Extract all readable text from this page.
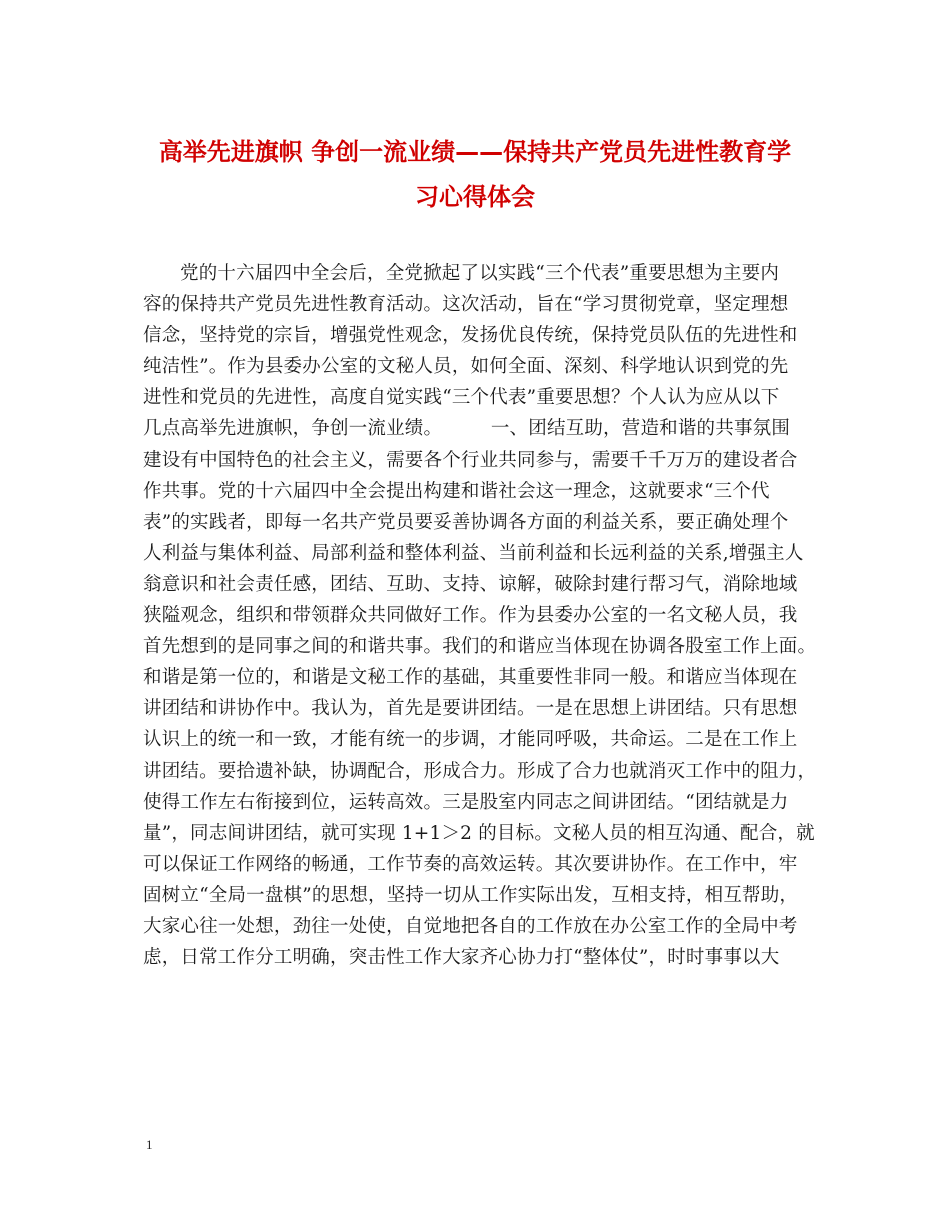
高举先进旗帜 争创一流业绩——保持共产党员先进性教育学
习心得体会
党的十六届四中全会后，全党掀起了以实践“三个代表”重要思想为主要内
容的保持共产党员先进性教育活动。这次活动，旨在“学习贯彻党章，坚定理想
信念，坚持党的宗旨，增强党性观念，发扬优良传统，保持党员队伍的先进性和
纯洁性”。作为县委办公室的文秘人员，如何全面、深刻、科学地认识到党的先
进性和党员的先进性，高度自觉实践“三个代表”重要思想？个人认为应从以下
几点高举先进旗帜，争创一流业绩。        一、团结互助，营造和谐的共事氛围
建设有中国特色的社会主义，需要各个行业共同参与，需要千千万万的建设者合
作共事。党的十六届四中全会提出构建和谐社会这一理念，这就要求“三个代
表”的实践者，即每一名共产党员要妥善协调各方面的利益关系，要正确处理个
人利益与集体利益、局部利益和整体利益、当前利益和长远利益的关系,增强主人
翁意识和社会责任感，团结、互助、支持、谅解，破除封建行帮习气，消除地域
狭隘观念，组织和带领群众共同做好工作。作为县委办公室的一名文秘人员，我
首先想到的是同事之间的和谐共事。我们的和谐应当体现在协调各股室工作上面。
和谐是第一位的，和谐是文秘工作的基础，其重要性非同一般。和谐应当体现在
讲团结和讲协作中。我认为，首先是要讲团结。一是在思想上讲团结。只有思想
认识上的统一和一致，才能有统一的步调，才能同呼吸，共命运。二是在工作上
讲团结。要拾遗补缺，协调配合，形成合力。形成了合力也就消灭工作中的阻力，
使得工作左右衔接到位，运转高效。三是股室内同志之间讲团结。“团结就是力
量”，同志间讲团结，就可实现 1+1＞2 的目标。文秘人员的相互沟通、配合，就
可以保证工作网络的畅通，工作节奏的高效运转。其次要讲协作。在工作中，牢
固树立“全局一盘棋”的思想，坚持一切从工作实际出发，互相支持，相互帮助，
大家心往一处想，劲往一处使，自觉地把各自的工作放在办公室工作的全局中考
虑，日常工作分工明确，突击性工作大家齐心协力打“整体仗”，时时事事以大
1
